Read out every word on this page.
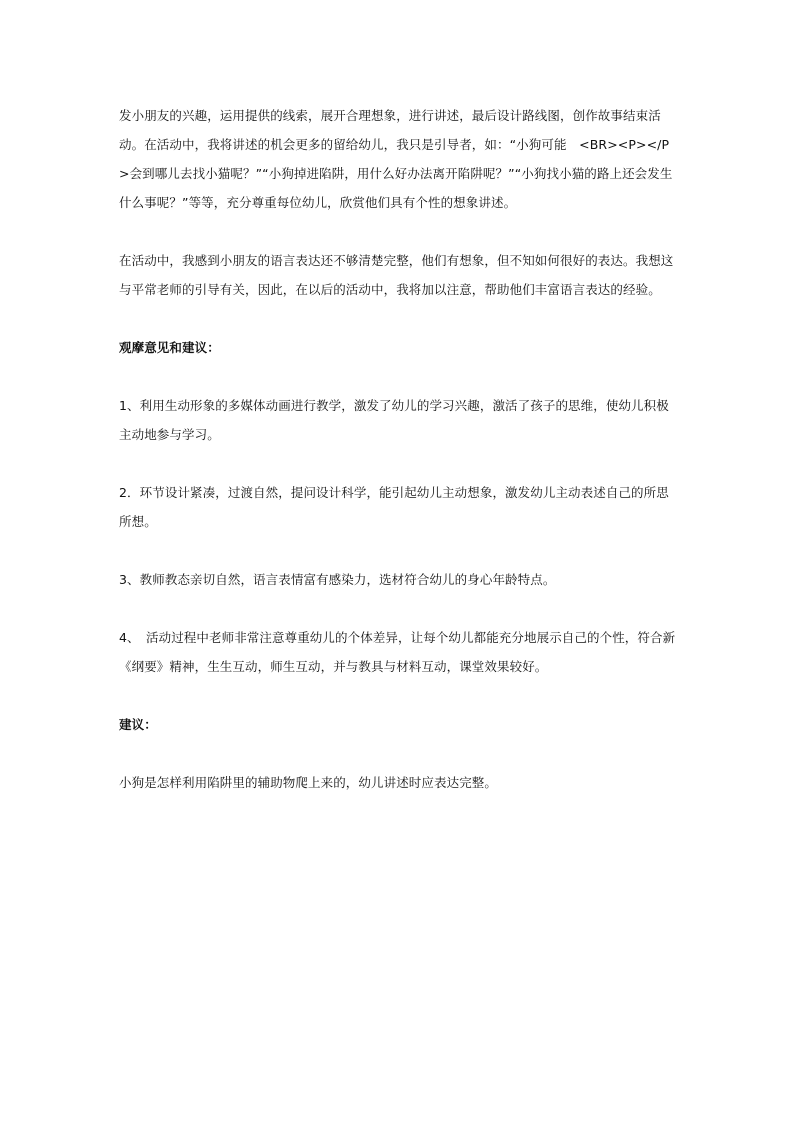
发小朋友的兴趣，运用提供的线索，展开合理想象，进行讲述，最后设计路线图，创作故事结束活动。在活动中，我将讲述的机会更多的留给幼儿，我只是引导者，如：“小狗可能　<BR><P></P>会到哪儿去找小猫呢？”“小狗掉进陷阱，用什么好办法离开陷阱呢？”“小狗找小猫的路上还会发生什么事呢？”等等，充分尊重每位幼儿，欣赏他们具有个性的想象讲述。

在活动中，我感到小朋友的语言表达还不够清楚完整，他们有想象，但不知如何很好的表达。我想这与平常老师的引导有关，因此，在以后的活动中，我将加以注意，帮助他们丰富语言表达的经验。

观摩意见和建议：

1、利用生动形象的多媒体动画进行教学，激发了幼儿的学习兴趣，激活了孩子的思维，使幼儿积极主动地参与学习。

2．环节设计紧凑，过渡自然，提问设计科学，能引起幼儿主动想象，激发幼儿主动表述自己的所思所想。

3、教师教态亲切自然，语言表情富有感染力，选材符合幼儿的身心年龄特点。

4、　活动过程中老师非常注意尊重幼儿的个体差异，让每个幼儿都能充分地展示自己的个性，符合新《纲要》精神，生生互动，师生互动，并与教具与材料互动，课堂效果较好。

建议：

小狗是怎样利用陷阱里的辅助物爬上来的，幼儿讲述时应表达完整。
